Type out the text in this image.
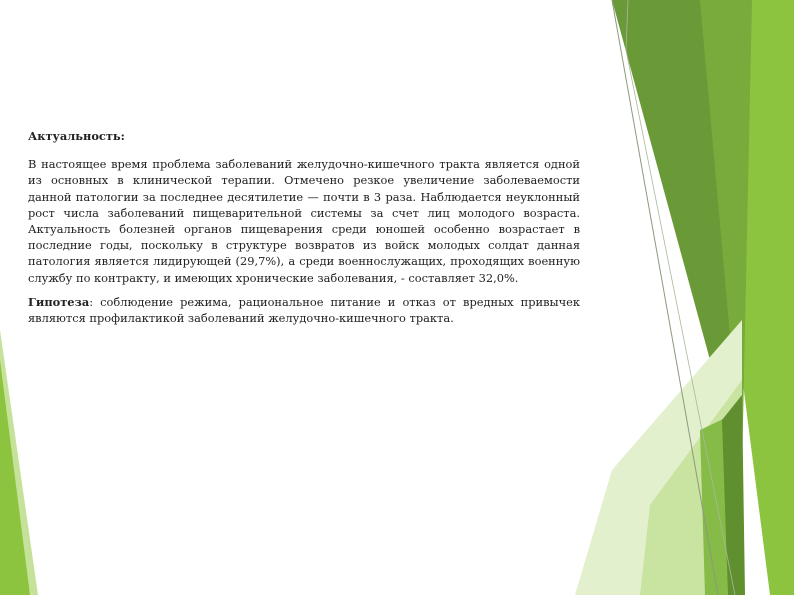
Актуальность:

В настоящее время проблема заболеваний желудочно-кишечного тракта является одной из основных в клинической терапии. Отмечено резкое увеличение заболеваемости данной патологии за последнее десятилетие — почти в 3 раза. Наблюдается неуклонный рост числа заболеваний пищеварительной системы за счет лиц молодого возраста. Актуальность болезней органов пищеварения среди юношей особенно возрастает в последние годы, поскольку в структуре возвратов из войск молодых солдат данная патология является лидирующей (29,7%), а среди военнослужащих, проходящих военную службу по контракту, и имеющих хронические заболевания, - составляет 32,0%.

Гипотеза: соблюдение режима, рациональное питание и отказ от вредных привычек являются профилактикой заболеваний желудочно-кишечного тракта.
